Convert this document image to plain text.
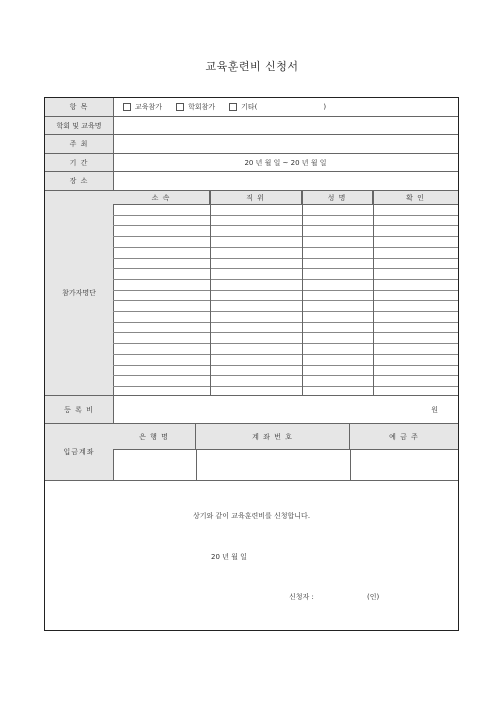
교육훈련비 신청서
항 목	교육참가	학회참가	기타(	)
학회 및 교육명
주 최
기 간	20 년 월 일 ~ 20 년 월 일
장 소
참가자명단
소 속	직 위	성 명	확 인
등 록 비	원
입금계좌
은 행 명	계 좌 번 호	예 금 주
상기와 같이 교육훈련비를 신청합니다.
20 년 월 일
신청자 :	(인)
